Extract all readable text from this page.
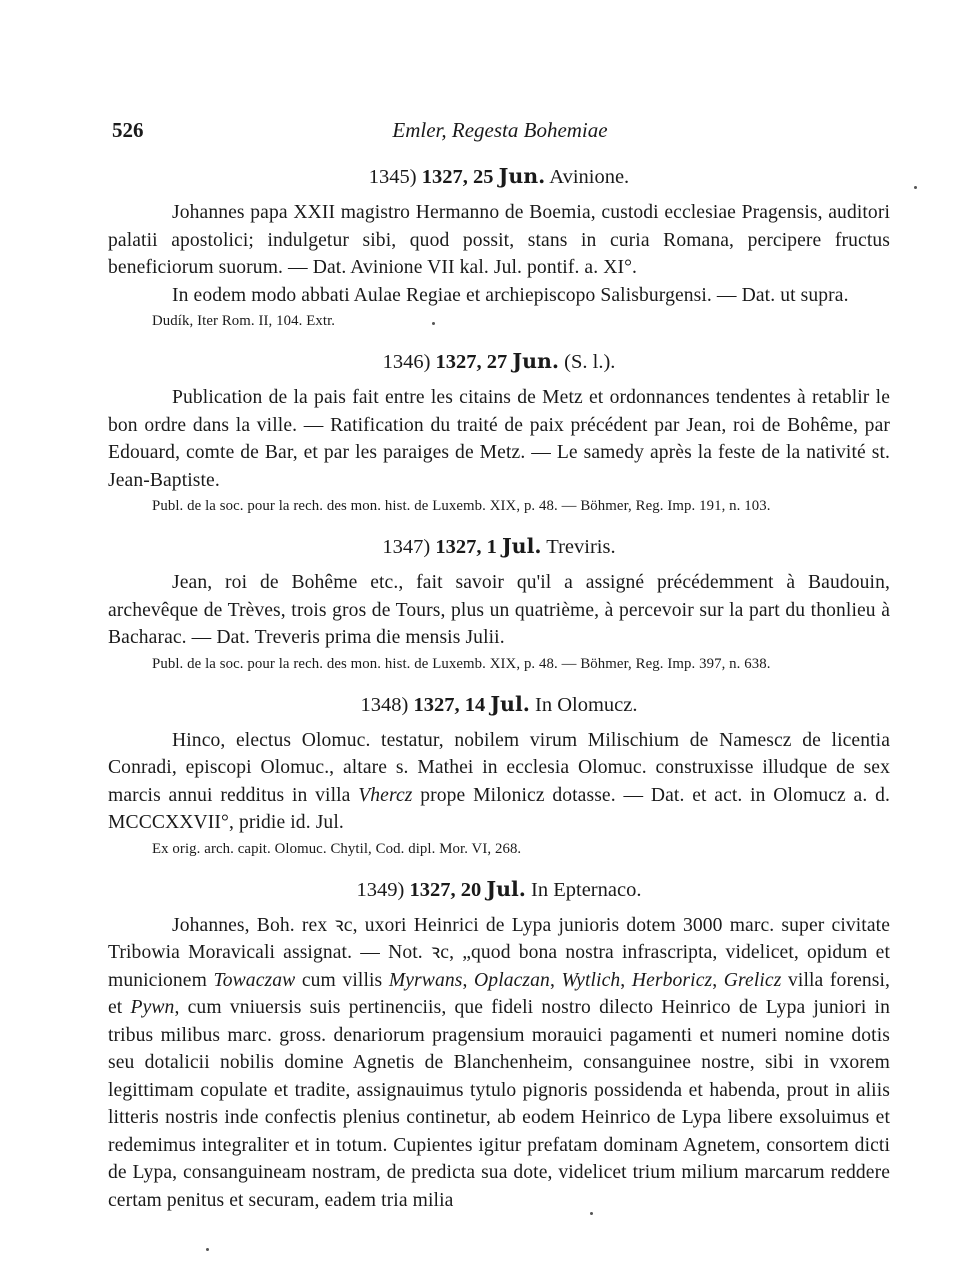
526	Emler, Regesta Bohemiae
1345) 1327, 25 Jun. Avinione.

Johannes papa XXII magistro Hermanno de Boemia, custodi ecclesiae Pragensis, auditori palatii apostolici; indulgetur sibi, quod possit, stans in curia Romana, percipere fructus beneficiorum suorum. — Dat. Avinione VII kal. Jul. pontif. a. XI°.

In eodem modo abbati Aulae Regiae et archiepiscopo Salisburgensi. — Dat. ut supra.

Dudík, Iter Rom. II, 104. Extr.
1346) 1327, 27 Jun. (S. l.).

Publication de la pais fait entre les citains de Metz et ordonnances tendentes à retablir le bon ordre dans la ville. — Ratification du traité de paix précédent par Jean, roi de Bohême, par Edouard, comte de Bar, et par les paraiges de Metz. — Le samedy après la feste de la nativité st. Jean-Baptiste.

Publ. de la soc. pour la rech. des mon. hist. de Luxemb. XIX, p. 48. — Böhmer, Reg. Imp. 191, n. 103.
1347) 1327, 1 Jul. Treviris.

Jean, roi de Bohême etc., fait savoir qu'il a assigné précédemment à Baudouin, archevêque de Trèves, trois gros de Tours, plus un quatrième, à percevoir sur la part du thonlieu à Bacharac. — Dat. Treveris prima die mensis Julii.

Publ. de la soc. pour la rech. des mon. hist. de Luxemb. XIX, p. 48. — Böhmer, Reg. Imp. 397, n. 638.
1348) 1327, 14 Jul. In Olomucz.

Hinco, electus Olomuc. testatur, nobilem virum Milischium de Namescz de licentia Conradi, episcopi Olomuc., altare s. Mathei in ecclesia Olomuc. construxisse illudque de sex marcis annui redditus in villa Vhercz prope Milonicz dotasse. — Dat. et act. in Olomucz a. d. MCCCXXVII°, pridie id. Jul.

Ex orig. arch. capit. Olomuc. Chytil, Cod. dipl. Mor. VI, 268.
1349) 1327, 20 Jul. In Epternaco.

Johannes, Boh. rex ꝛc, uxori Heinrici de Lypa junioris dotem 3000 marc. super civitate Tribowia Moravicali assignat. — Not. ꝛc, „quod bona nostra infrascripta, videlicet, opidum et municionem Towaczaw cum villis Myrwans, Oplaczan, Wytlich, Herboricz, Grelicz villa forensi, et Pywn, cum vniuersis suis pertinenciis, que fideli nostro dilecto Heinrico de Lypa juniori in tribus milibus marc. gross. denariorum pragensium morauici pagamenti et numeri nomine dotis seu dotalicii nobilis domine Agnetis de Blanchenheim, consanguinee nostre, sibi in vxorem legittimam copulate et tradite, assignauimus tytulo pignoris possidenda et habenda, prout in aliis litteris nostris inde confectis plenius continetur, ab eodem Heinrico de Lypa libere exsoluimus et redemimus integraliter et in totum. Cupientes igitur prefatam dominam Agnetem, consortem dicti de Lypa, consanguineam nostram, de predicta sua dote, videlicet trium milium marcarum reddere certam penitus et securam, eadem tria milia
